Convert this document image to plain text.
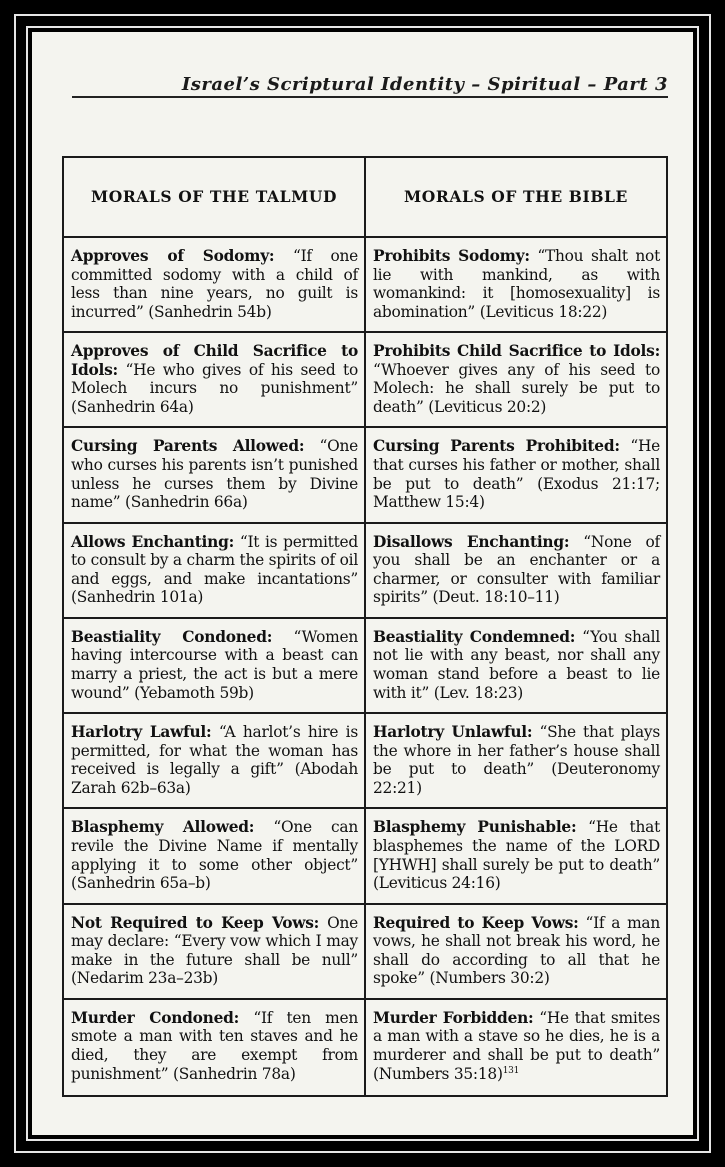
Israel’s Scriptural Identity – Spiritual – Part 3
MORALS OF THE TALMUD	MORALS OF THE BIBLE
Approves of Sodomy: “If one committed sodomy with a child of less than nine years, no guilt is incurred” (Sanhedrin 54b)
Prohibits Sodomy: “Thou shalt not lie with mankind, as with womankind: it [homosexuality] is abomination” (Leviticus 18:22)
Approves of Child Sacrifice to Idols: “He who gives of his seed to Molech incurs no punishment” (Sanhedrin 64a)
Prohibits Child Sacrifice to Idols: “Whoever gives any of his seed to Molech: he shall surely be put to death” (Leviticus 20:2)
Cursing Parents Allowed: “One who curses his parents isn’t punished unless he curses them by Divine name” (Sanhedrin 66a)
Cursing Parents Prohibited: “He that curses his father or mother, shall be put to death” (Exodus 21:17; Matthew 15:4)
Allows Enchanting: “It is permitted to consult by a charm the spirits of oil and eggs, and make incantations” (Sanhedrin 101a)
Disallows Enchanting: “None of you shall be an enchanter or a charmer, or consulter with familiar spirits” (Deut. 18:10–11)
Beastiality Condoned: “Women having intercourse with a beast can marry a priest, the act is but a mere wound” (Yebamoth 59b)
Beastiality Condemned: “You shall not lie with any beast, nor shall any woman stand before a beast to lie with it” (Lev. 18:23)
Harlotry Lawful: “A harlot’s hire is permitted, for what the woman has received is legally a gift” (Abodah Zarah 62b–63a)
Harlotry Unlawful: “She that plays the whore in her father’s house shall be put to death” (Deuteronomy 22:21)
Blasphemy Allowed: “One can revile the Divine Name if mentally applying it to some other object” (Sanhedrin 65a–b)
Blasphemy Punishable: “He that blasphemes the name of the LORD [YHWH] shall surely be put to death” (Leviticus 24:16)
Not Required to Keep Vows: One may declare: “Every vow which I may make in the future shall be null” (Nedarim 23a–23b)
Required to Keep Vows: “If a man vows, he shall not break his word, he shall do according to all that he spoke” (Numbers 30:2)
Murder Condoned: “If ten men smote a man with ten staves and he died, they are exempt from punishment” (Sanhedrin 78a)
Murder Forbidden: “He that smites a man with a stave so he dies, he is a murderer and shall be put to death” (Numbers 35:18)$^{131}$
